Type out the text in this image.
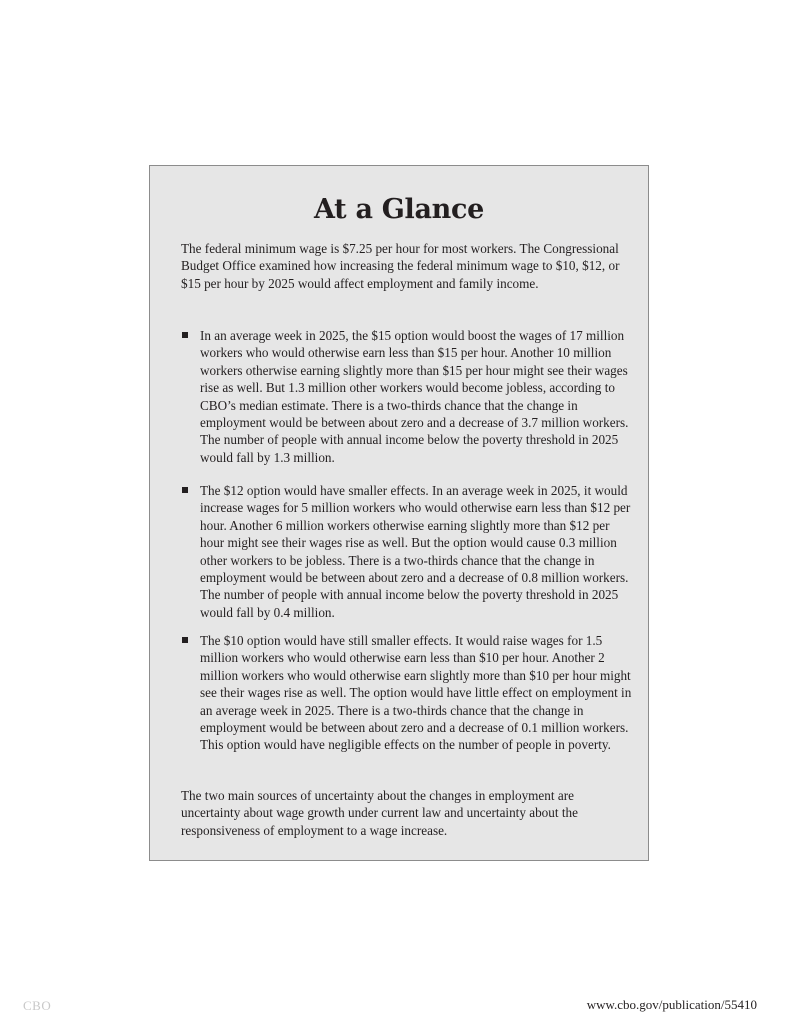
At a Glance

The federal minimum wage is $7.25 per hour for most workers. The Congressional Budget Office examined how increasing the federal minimum wage to $10, $12, or $15 per hour by 2025 would affect employment and family income.

In an average week in 2025, the $15 option would boost the wages of 17 million workers who would otherwise earn less than $15 per hour. Another 10 million workers otherwise earning slightly more than $15 per hour might see their wages rise as well. But 1.3 million other workers would become jobless, according to CBO’s median estimate. There is a two-thirds chance that the change in employment would be between about zero and a decrease of 3.7 million workers. The number of people with annual income below the poverty threshold in 2025 would fall by 1.3 million.

The $12 option would have smaller effects. In an average week in 2025, it would increase wages for 5 million workers who would otherwise earn less than $12 per hour. Another 6 million workers otherwise earning slightly more than $12 per hour might see their wages rise as well. But the option would cause 0.3 million other workers to be jobless. There is a two-thirds chance that the change in employment would be between about zero and a decrease of 0.8 million workers. The number of people with annual income below the poverty threshold in 2025 would fall by 0.4 million.

The $10 option would have still smaller effects. It would raise wages for 1.5 million workers who would otherwise earn less than $10 per hour. Another 2 million workers who would otherwise earn slightly more than $10 per hour might see their wages rise as well. The option would have little effect on employment in an average week in 2025. There is a two-thirds chance that the change in employment would be between about zero and a decrease of 0.1 million workers. This option would have negligible effects on the number of people in poverty.

The two main sources of uncertainty about the changes in employment are uncertainty about wage growth under current law and uncertainty about the responsiveness of employment to a wage increase.

CBO	www.cbo.gov/publication/55410
